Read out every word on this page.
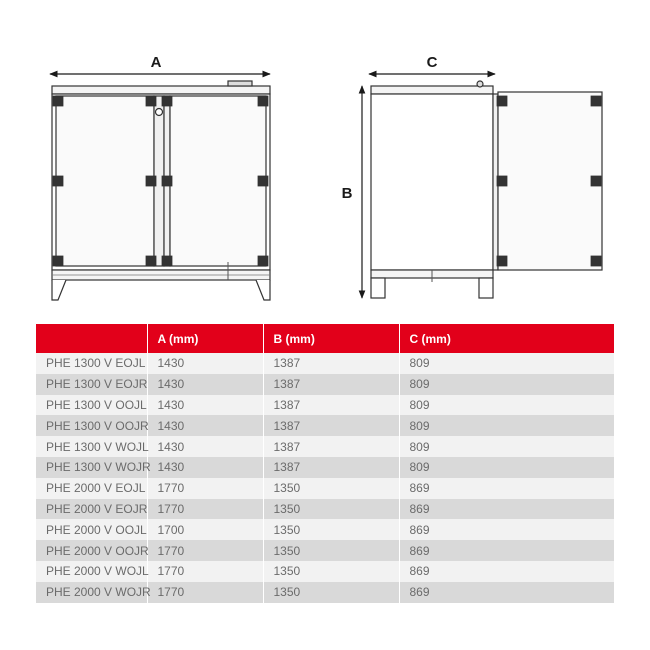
A	C
B
	A (mm)	B (mm)	C (mm)
PHE 1300 V EOJL	1430	1387	809
PHE 1300 V EOJR	1430	1387	809
PHE 1300 V OOJL	1430	1387	809
PHE 1300 V OOJR	1430	1387	809
PHE 1300 V WOJL	1430	1387	809
PHE 1300 V WOJR	1430	1387	809
PHE 2000 V EOJL	1770	1350	869
PHE 2000 V EOJR	1770	1350	869
PHE 2000 V OOJL	1700	1350	869
PHE 2000 V OOJR	1770	1350	869
PHE 2000 V WOJL	1770	1350	869
PHE 2000 V WOJR	1770	1350	869
